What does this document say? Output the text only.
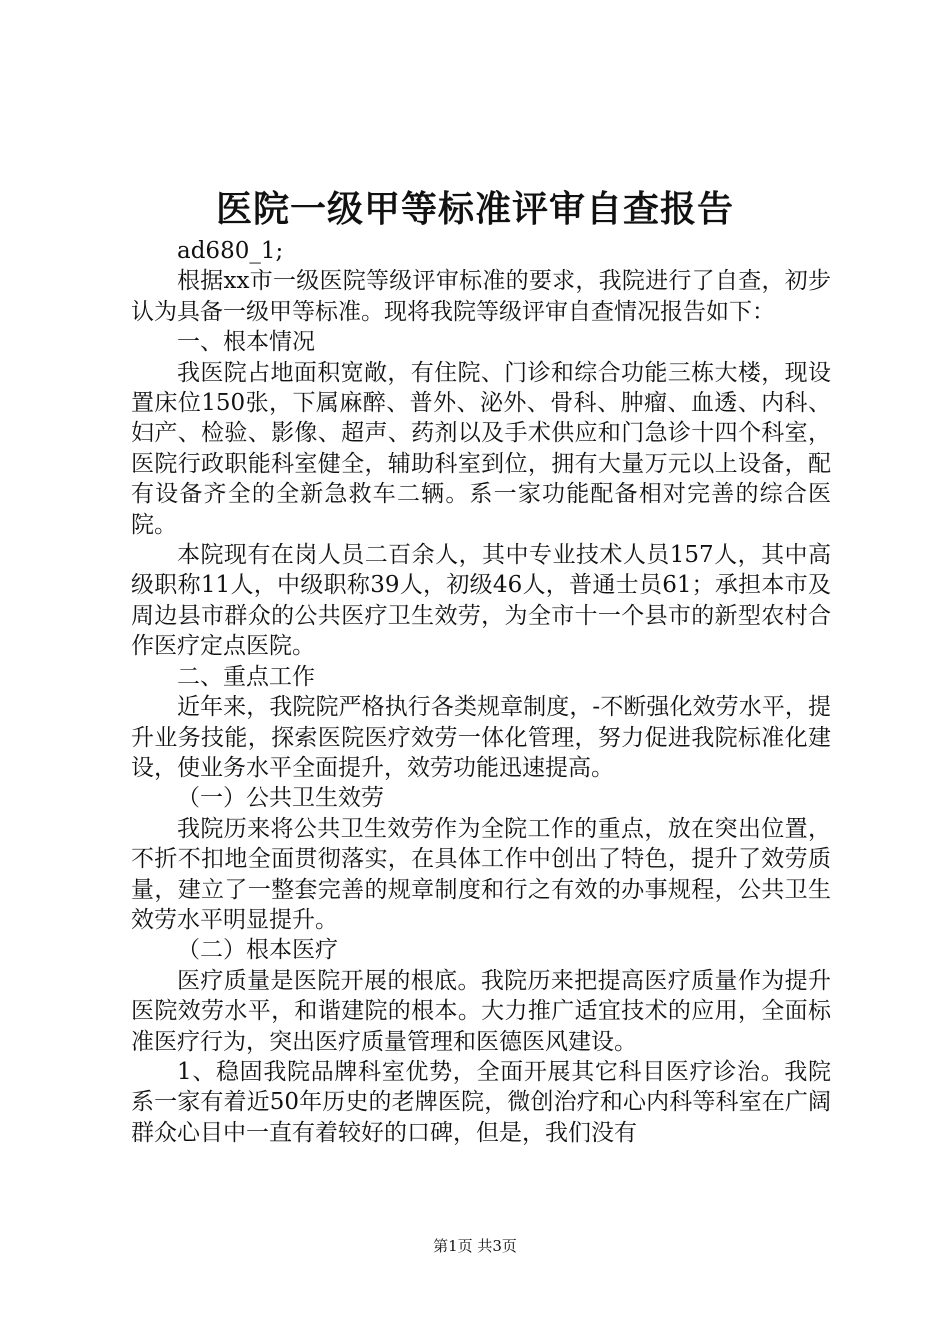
医院一级甲等标准评审自查报告

ad680_1;

根据xx市一级医院等级评审标准的要求，我院进行了自查，初步认为具备一级甲等标准。现将我院等级评审自查情况报告如下：

一、根本情况

我医院占地面积宽敞，有住院、门诊和综合功能三栋大楼，现设置床位150张，下属麻醉、普外、泌外、骨科、肿瘤、血透、内科、妇产、检验、影像、超声、药剂以及手术供应和门急诊十四个科室，医院行政职能科室健全，辅助科室到位，拥有大量万元以上设备，配有设备齐全的全新急救车二辆。系一家功能配备相对完善的综合医院。

本院现有在岗人员二百余人，其中专业技术人员157人，其中高级职称11人，中级职称39人，初级46人，普通士员61；承担本市及周边县市群众的公共医疗卫生效劳，为全市十一个县市的新型农村合作医疗定点医院。

二、重点工作

近年来，我院院严格执行各类规章制度，-不断强化效劳水平，提升业务技能，探索医院医疗效劳一体化管理，努力促进我院标准化建设，使业务水平全面提升，效劳功能迅速提高。

（一）公共卫生效劳

我院历来将公共卫生效劳作为全院工作的重点，放在突出位置，不折不扣地全面贯彻落实，在具体工作中创出了特色，提升了效劳质量，建立了一整套完善的规章制度和行之有效的办事规程，公共卫生效劳水平明显提升。

（二）根本医疗

医疗质量是医院开展的根底。我院历来把提高医疗质量作为提升医院效劳水平，和谐建院的根本。大力推广适宜技术的应用，全面标准医疗行为，突出医疗质量管理和医德医风建设。

1、稳固我院品牌科室优势，全面开展其它科目医疗诊治。我院系一家有着近50年历史的老牌医院，微创治疗和心内科等科室在广阔群众心目中一直有着较好的口碑，但是，我们没有

第1页 共3页
